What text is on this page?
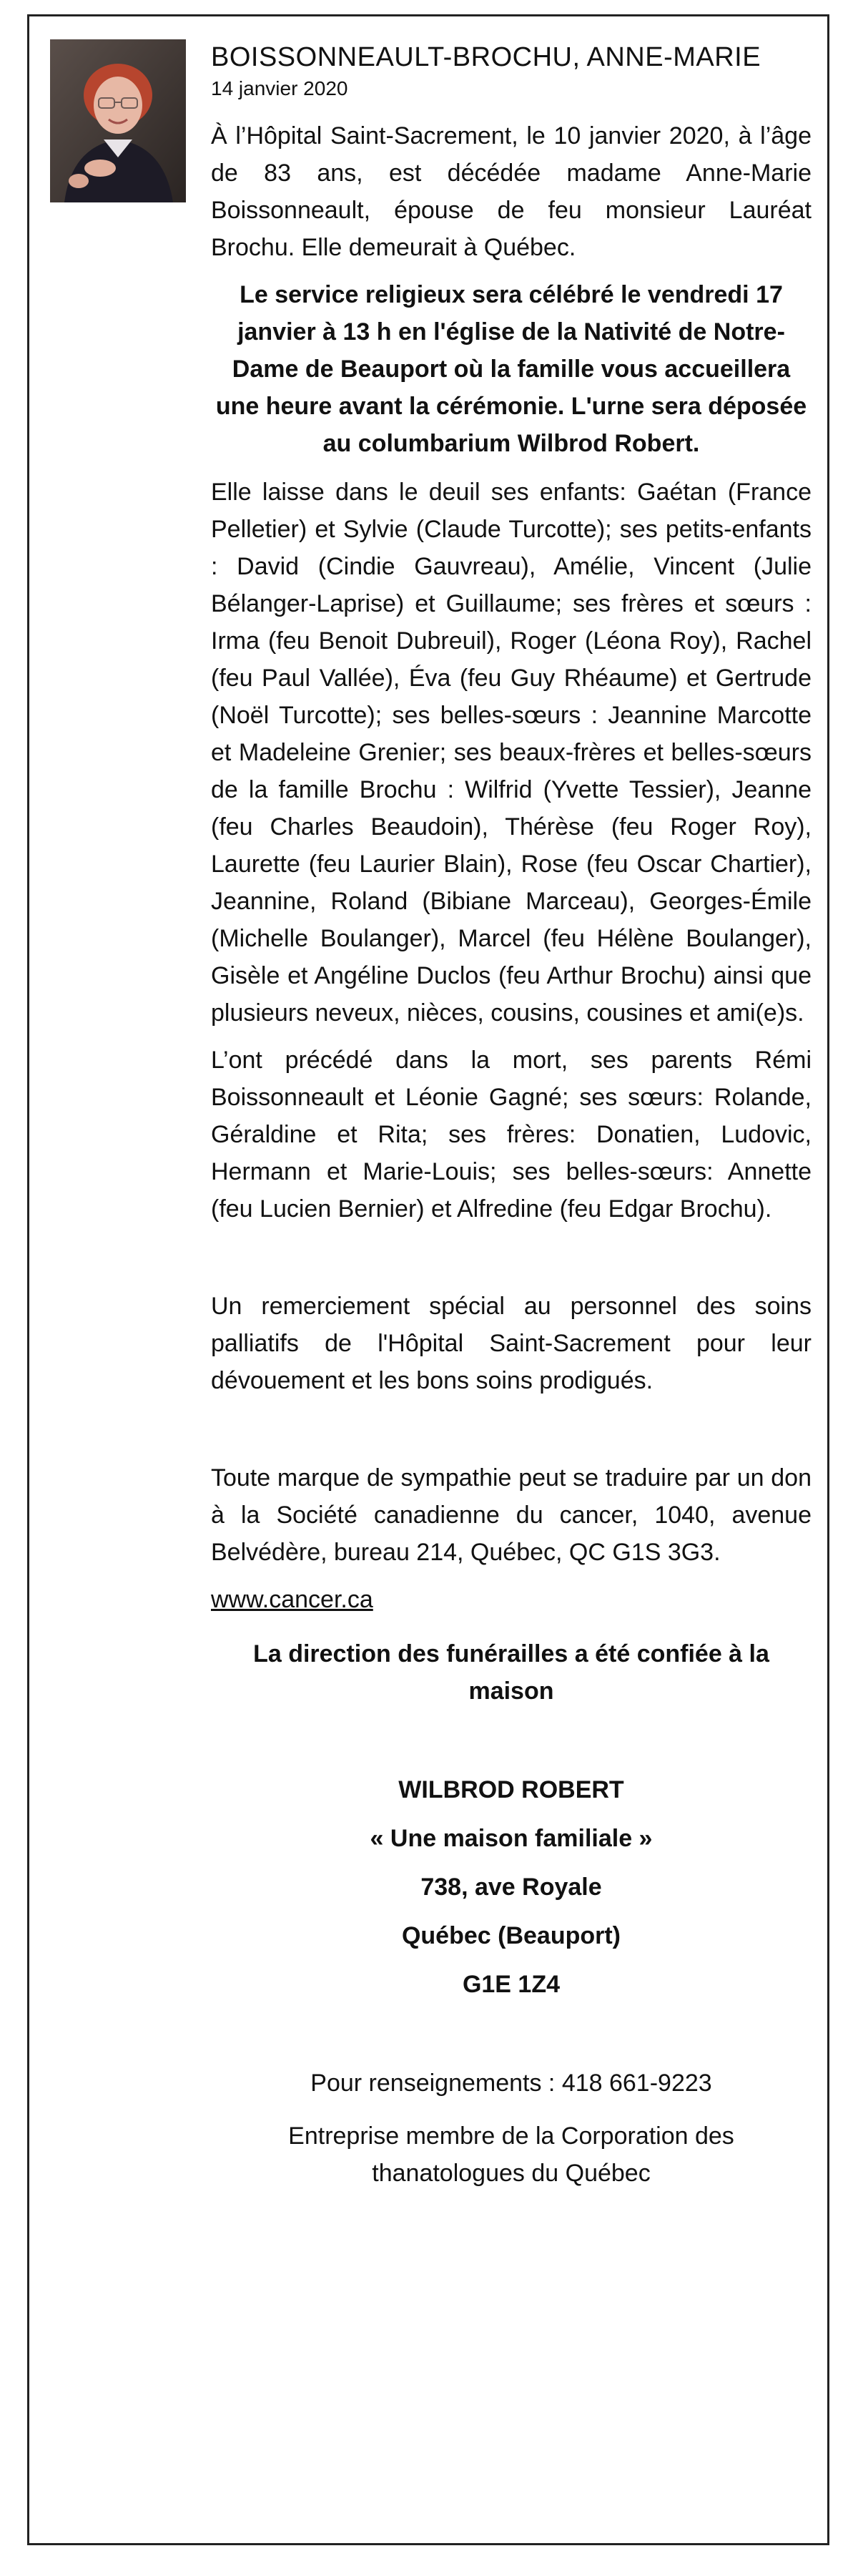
BOISSONNEAULT-BROCHU, ANNE-MARIE
14 janvier 2020

À l’Hôpital Saint-Sacrement, le 10 janvier 2020, à l’âge de 83 ans, est décédée madame Anne-Marie Boissonneault, épouse de feu monsieur Lauréat Brochu. Elle demeurait à Québec.

Le service religieux sera célébré le vendredi 17 janvier à 13 h en l'église de la Nativité de Notre-Dame de Beauport où la famille vous accueillera une heure avant la cérémonie. L'urne sera déposée au columbarium Wilbrod Robert.

Elle laisse dans le deuil ses enfants: Gaétan (France Pelletier) et Sylvie (Claude Turcotte); ses petits-enfants : David (Cindie Gauvreau), Amélie, Vincent (Julie Bélanger-Laprise) et Guillaume; ses frères et sœurs : Irma (feu Benoit Dubreuil), Roger (Léona Roy), Rachel (feu Paul Vallée), Éva (feu Guy Rhéaume) et Gertrude (Noël Turcotte); ses belles-sœurs : Jeannine Marcotte et Madeleine Grenier; ses beaux-frères et belles-sœurs de la famille Brochu : Wilfrid (Yvette Tessier), Jeanne (feu Charles Beaudoin), Thérèse (feu Roger Roy), Laurette (feu Laurier Blain), Rose (feu Oscar Chartier), Jeannine, Roland (Bibiane Marceau), Georges-Émile (Michelle Boulanger), Marcel (feu Hélène Boulanger), Gisèle et Angéline Duclos (feu Arthur Brochu) ainsi que plusieurs neveux, nièces, cousins, cousines et ami(e)s.

L’ont précédé dans la mort, ses parents Rémi Boissonneault et Léonie Gagné; ses sœurs: Rolande, Géraldine et Rita; ses frères: Donatien, Ludovic, Hermann et Marie-Louis; ses belles-sœurs: Annette (feu Lucien Bernier) et Alfredine (feu Edgar Brochu).

Un remerciement spécial au personnel des soins palliatifs de l'Hôpital Saint-Sacrement pour leur dévouement et les bons soins prodigués.

Toute marque de sympathie peut se traduire par un don à la Société canadienne du cancer, 1040, avenue Belvédère, bureau 214, Québec, QC G1S 3G3.

www.cancer.ca
La direction des funérailles a été confiée à la maison
WILBROD ROBERT
« Une maison familiale »
738, ave Royale
Québec (Beauport)
G1E 1Z4
Pour renseignements : 418 661-9223
Entreprise membre de la Corporation des thanatologues du Québec
